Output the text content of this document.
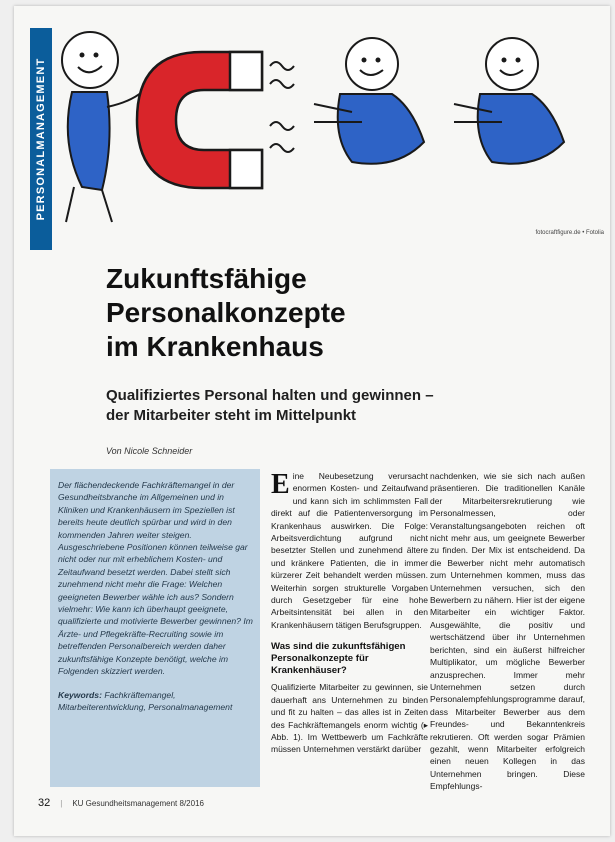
PERSONALMANAGEMENT
fotocraftfigure.de • Fotolia
Zukunftsfähige
Personalkonzepte
im Krankenhaus
Qualifiziertes Personal halten und gewinnen –
der Mitarbeiter steht im Mittelpunkt
Von Nicole Schneider

Der flächendeckende Fachkräftemangel in der Gesundheitsbranche im Allgemeinen und in Kliniken und Krankenhäusern im Speziellen ist bereits heute deutlich spürbar und wird in den kommenden Jahren weiter steigen. Ausgeschriebene Positionen können teilweise gar nicht oder nur mit erheblichem Kosten- und Zeitaufwand besetzt werden. Dabei stellt sich zunehmend nicht mehr die Frage: Welchen geeigneten Bewerber wähle ich aus? Sondern vielmehr: Wie kann ich überhaupt geeignete, qualifizierte und motivierte Bewerber gewinnen? Im Ärzte- und Pflegekräfte-Recruiting sowie im betreffenden Personalbereich werden daher zukunftsfähige Konzepte benötigt, welche im Folgenden skizziert werden.

Keywords: Fachkräftemangel, Mitarbeiterentwicklung, Personalmanagement

Eine Neubesetzung verursacht enormen Kosten- und Zeitaufwand und kann sich im schlimmsten Fall direkt auf die Patientenversorgung im Krankenhaus auswirken. Die Folge: Arbeitsverdichtung aufgrund nicht besetzter Stellen und zunehmend ältere und kränkere Patienten, die in immer kürzerer Zeit behandelt werden müssen. Weiterhin sorgen strukturelle Vorgaben durch Gesetzgeber für eine hohe Arbeitsintensität bei allen in den Krankenhäusern tätigen Berufsgruppen.

Was sind die zukunftsfähigen Personalkonzepte für Krankenhäuser?

Qualifizierte Mitarbeiter zu gewinnen, sie dauerhaft ans Unternehmen zu binden und fit zu halten – das alles ist in Zeiten des Fachkräftemangels enorm wichtig (▸ Abb. 1). Im Wettbewerb um Fachkräfte müssen Unternehmen verstärkt darüber

nachdenken, wie sie sich nach außen präsentieren. Die traditionellen Kanäle der Mitarbeitersrekrutierung wie Personalmessen, oder Veranstaltungsangeboten reichen oft nicht mehr aus, um geeignete Bewerber zu finden. Der Mix ist entscheidend. Da die Bewerber nicht mehr automatisch zum Unternehmen kommen, muss das Unternehmen versuchen, sich den Bewerbern zu nähern. Hier ist der eigene Mitarbeiter ein wichtiger Faktor. Ausgewählte, die positiv und wertschätzend über ihr Unternehmen berichten, sind ein äußerst hilfreicher Multiplikator, um mögliche Bewerber anzusprechen. Immer mehr Unternehmen setzen durch Personalempfehlungsprogramme darauf, dass Mitarbeiter Bewerber aus dem Freundes- und Bekanntenkreis rekrutieren. Oft werden sogar Prämien gezahlt, wenn Mitarbeiter erfolgreich einen neuen Kollegen in das Unternehmen bringen. Diese Empfehlungs-

32 | KU Gesundheitsmanagement 8/2016
